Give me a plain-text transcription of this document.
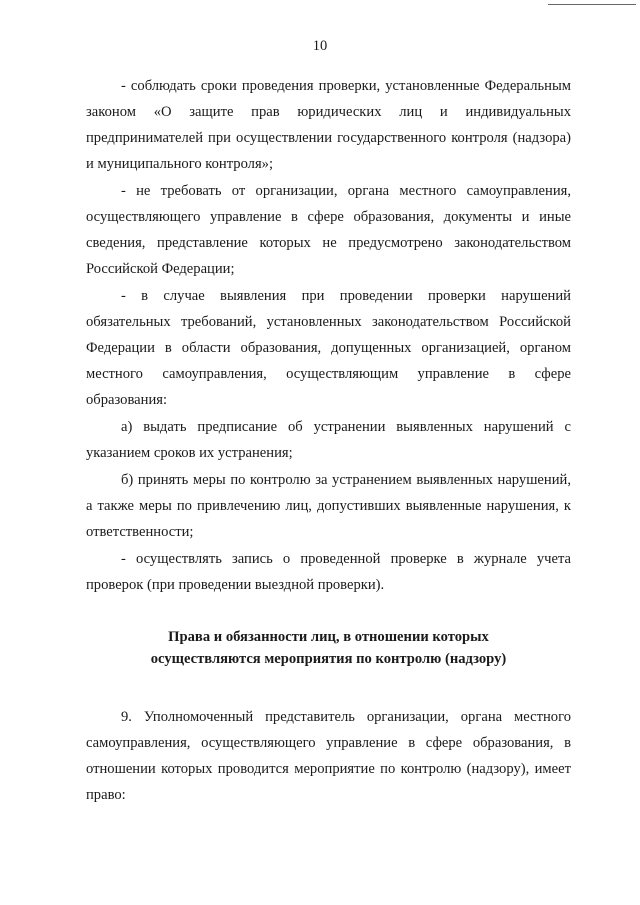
10

- соблюдать сроки проведения проверки, установленные Федеральным законом «О защите прав юридических лиц и индивидуальных предпринимателей при осуществлении государственного контроля (надзора) и муниципального контроля»;

- не требовать от организации, органа местного самоуправления, осуществляющего управление в сфере образования, документы и иные сведения, представление которых не предусмотрено законодательством Российской Федерации;

- в случае выявления при проведении проверки нарушений обязательных требований, установленных законодательством Российской Федерации в области образования, допущенных организацией, органом местного самоуправления, осуществляющим управление в сфере образования:

а) выдать предписание об устранении выявленных нарушений с указанием сроков их устранения;

б) принять меры по контролю за устранением выявленных нарушений, а также меры по привлечению лиц, допустивших выявленные нарушения, к ответственности;

- осуществлять запись о проведенной проверке в журнале учета проверок (при проведении выездной проверки).

Права и обязанности лиц, в отношении которых
осуществляются мероприятия по контролю (надзору)

9. Уполномоченный представитель организации, органа местного самоуправления, осуществляющего управление в сфере образования, в отношении которых проводится мероприятие по контролю (надзору), имеет право:
